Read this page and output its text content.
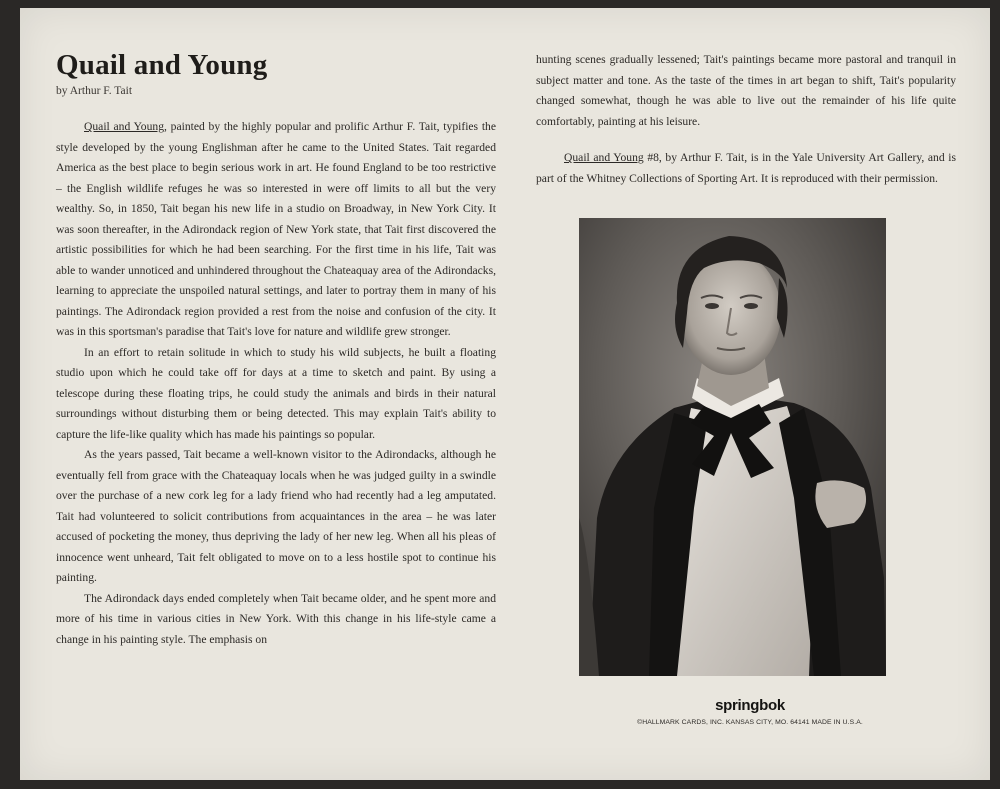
Quail and Young
by Arthur F. Tait

Quail and Young, painted by the highly popular and prolific Arthur F. Tait, typifies the style developed by the young Englishman after he came to the United States. Tait regarded America as the best place to begin serious work in art. He found England to be too restrictive – the English wildlife refuges he was so interested in were off limits to all but the very wealthy. So, in 1850, Tait began his new life in a studio on Broadway, in New York City. It was soon thereafter, in the Adirondack region of New York state, that Tait first discovered the artistic possibilities for which he had been searching. For the first time in his life, Tait was able to wander unnoticed and unhindered throughout the Chateaquay area of the Adirondacks, learning to appreciate the unspoiled natural settings, and later to portray them in many of his paintings. The Adirondack region provided a rest from the noise and confusion of the city. It was in this sportsman's paradise that Tait's love for nature and wildlife grew stronger.

In an effort to retain solitude in which to study his wild subjects, he built a floating studio upon which he could take off for days at a time to sketch and paint. By using a telescope during these floating trips, he could study the animals and birds in their natural surroundings without disturbing them or being detected. This may explain Tait's ability to capture the life-like quality which has made his paintings so popular.

As the years passed, Tait became a well-known visitor to the Adirondacks, although he eventually fell from grace with the Chateaquay locals when he was judged guilty in a swindle over the purchase of a new cork leg for a lady friend who had recently had a leg amputated. Tait had volunteered to solicit contributions from acquaintances in the area – he was later accused of pocketing the money, thus depriving the lady of her new leg. When all his pleas of innocence went unheard, Tait felt obligated to move on to a less hostile spot to continue his painting.

The Adirondack days ended completely when Tait became older, and he spent more and more of his time in various cities in New York. With this change in his life-style came a change in his painting style. The emphasis on

hunting scenes gradually lessened; Tait's paintings became more pastoral and tranquil in subject matter and tone. As the taste of the times in art began to shift, Tait's popularity changed somewhat, though he was able to live out the remainder of his life quite comfortably, painting at his leisure.

Quail and Young #8, by Arthur F. Tait, is in the Yale University Art Gallery, and is part of the Whitney Collections of Sporting Art. It is reproduced with their permission.

springbok
©HALLMARK CARDS, INC. KANSAS CITY, MO. 64141 MADE IN U.S.A.
